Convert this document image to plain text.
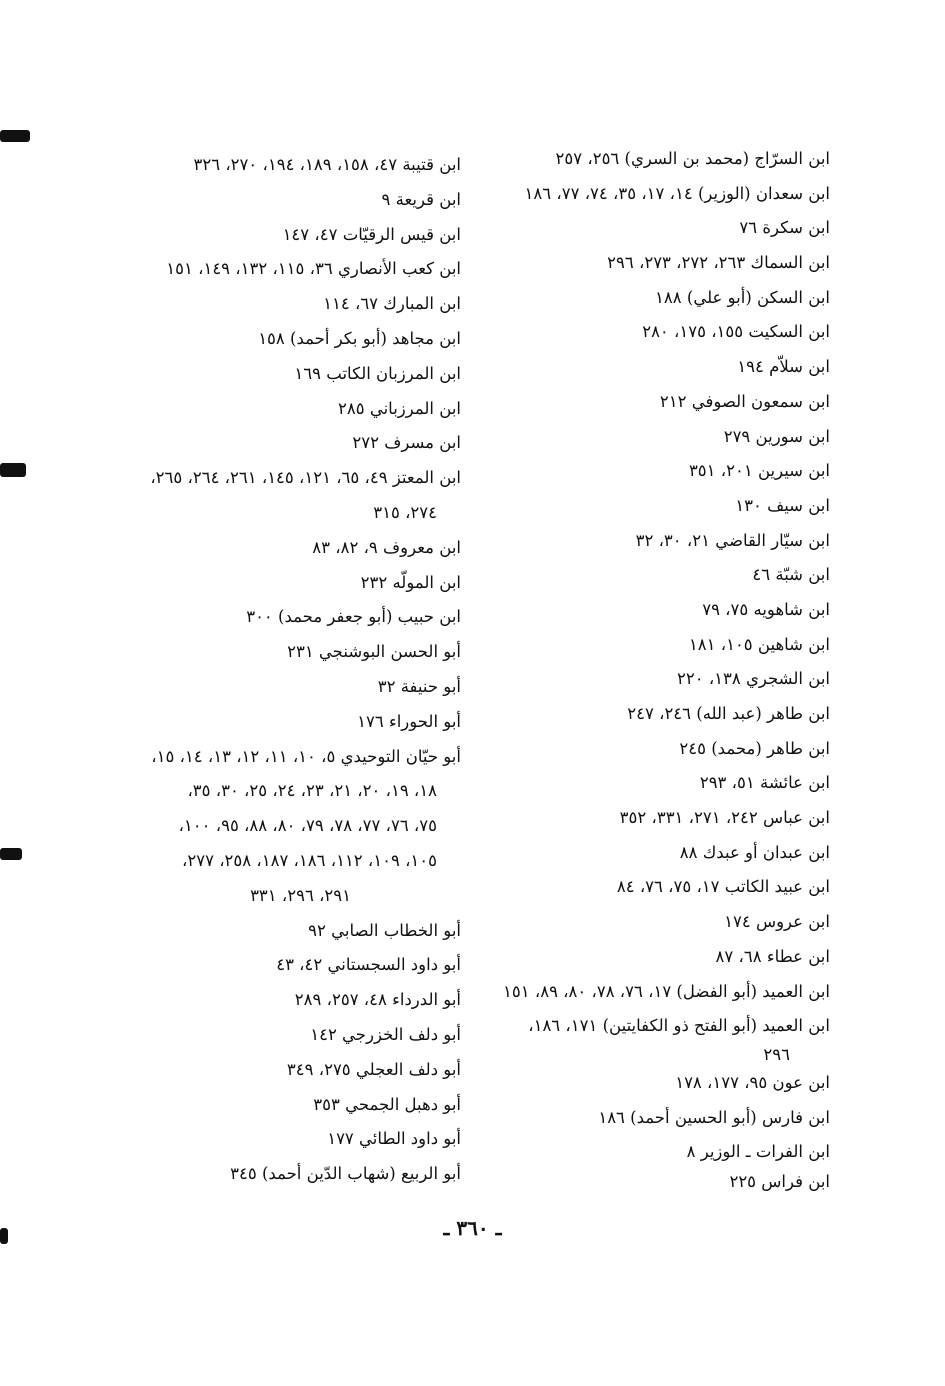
ابن السرّاج (محمد بن السري) ٢٥٦، ٢٥٧
ابن سعدان (الوزير) ١٤، ١٧، ٣٥، ٧٤، ٧٧، ١٨٦
ابن سكرة ٧٦
ابن السماك ٢٦٣، ٢٧٢، ٢٧٣، ٢٩٦
ابن السكن (أبو علي) ١٨٨
ابن السكيت ١٥٥، ١٧٥، ٢٨٠
ابن سلاّم ١٩٤
ابن سمعون الصوفي ٢١٢
ابن سورين ٢٧٩
ابن سيرين ٢٠١، ٣٥١
ابن سيف ١٣٠
ابن سيّار القاضي ٢١، ٣٠، ٣٢
ابن شبّة ٤٦
ابن شاهويه ٧٥، ٧٩
ابن شاهين ١٠٥، ١٨١
ابن الشجري ١٣٨، ٢٢٠
ابن طاهر (عبد الله) ٢٤٦، ٢٤٧
ابن طاهر (محمد) ٢٤٥
ابن عائشة ٥١، ٢٩٣
ابن عباس ٢٤٢، ٢٧١، ٣٣١، ٣٥٢
ابن عبدان أو عبدك ٨٨
ابن عبيد الكاتب ١٧، ٧٥، ٧٦، ٨٤
ابن عروس ١٧٤
ابن عطاء ٦٨، ٨٧
ابن العميد (أبو الفضل) ١٧، ٧٦، ٧٨، ٨٠، ٨٩، ١٥١
ابن العميد (أبو الفتح ذو الكفايتين) ١٧١، ١٨٦،
٢٩٦
ابن عون ٩٥، ١٧٧، ١٧٨
ابن فارس (أبو الحسين أحمد) ١٨٦
ابن الفرات ـ الوزير ٨
ابن فراس ٢٢٥
ابن قتيبة ٤٧، ١٥٨، ١٨٩، ١٩٤، ٢٧٠، ٣٢٦
ابن قريعة ٩
ابن قيس الرقيّات ٤٧، ١٤٧
ابن كعب الأنصاري ٣٦، ١١٥، ١٣٢، ١٤٩، ١٥١
ابن المبارك ٦٧، ١١٤
ابن مجاهد (أبو بكر أحمد) ١٥٨
ابن المرزبان الكاتب ١٦٩
ابن المرزباني ٢٨٥
ابن مسرف ٢٧٢
ابن المعتز ٤٩، ٦٥، ١٢١، ١٤٥، ٢٦١، ٢٦٤، ٢٦٥،
٢٧٤، ٣١٥
ابن معروف ٩، ٨٢، ٨٣
ابن المولّه ٢٣٢
ابن حبيب (أبو جعفر محمد) ٣٠٠
أبو الحسن البوشنجي ٢٣١
أبو حنيفة ٣٢
أبو الحوراء ١٧٦
أبو حيّان التوحيدي ٥، ١٠، ١١، ١٢، ١٣، ١٤، ١٥،
١٨، ١٩، ٢٠، ٢١، ٢٣، ٢٤، ٢٥، ٣٠، ٣٥،
٧٥، ٧٦، ٧٧، ٧٨، ٧٩، ٨٠، ٨٨، ٩٥، ١٠٠،
١٠٥، ١٠٩، ١١٢، ١٨٦، ١٨٧، ٢٥٨، ٢٧٧،
٢٩١، ٢٩٦، ٣٣١
أبو الخطاب الصابي ٩٢
أبو داود السجستاني ٤٢، ٤٣
أبو الدرداء ٤٨، ٢٥٧، ٢٨٩
أبو دلف الخزرجي ١٤٢
أبو دلف العجلي ٢٧٥، ٣٤٩
أبو دهبل الجمحي ٣٥٣
أبو داود الطائي ١٧٧
أبو الربيع (شهاب الدّين أحمد) ٣٤٥
ـ ٣٦٠ ـ
